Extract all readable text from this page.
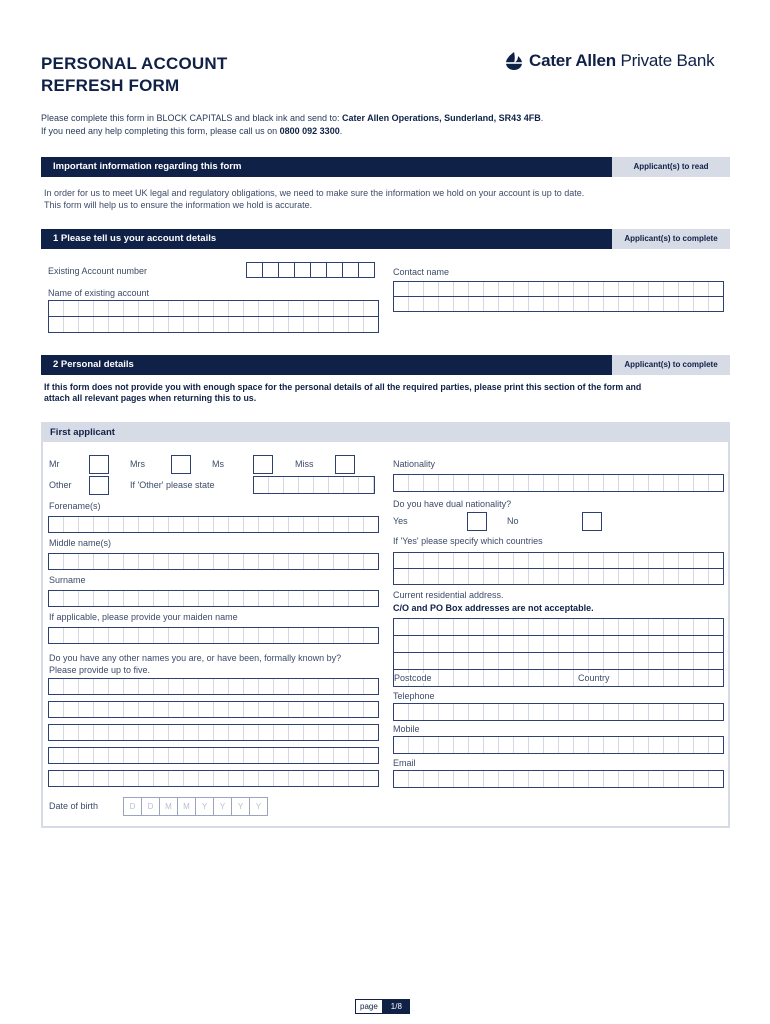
PERSONAL ACCOUNT
REFRESH FORM
Cater Allen Private Bank
Please complete this form in BLOCK CAPITALS and black ink and send to: Cater Allen Operations, Sunderland, SR43 4FB.
If you need any help completing this form, please call us on 0800 092 3300.
Important information regarding this form	Applicant(s) to read
In order for us to meet UK legal and regulatory obligations, we need to make sure the information we hold on your account is up to date.
This form will help us to ensure the information we hold is accurate.
1 Please tell us your account details	Applicant(s) to complete
Existing Account number
Name of existing account
Contact name
2 Personal details	Applicant(s) to complete
If this form does not provide you with enough space for the personal details of all the required parties, please print this section of the form and
attach all relevant pages when returning this to us.
First applicant
Mr	Mrs	Ms	Miss
Other	If 'Other' please state
Forename(s)
Middle name(s)
Surname
If applicable, please provide your maiden name
Do you have any other names you are, or have been, formally known by?
Please provide up to five.
Date of birth	D	D	M	M	Y	Y	Y	Y
Nationality
Do you have dual nationality?
Yes	No
If 'Yes' please specify which countries
Current residential address.
C/O and PO Box addresses are not acceptable.
Postcode	Country
Telephone
Mobile
Email
page	1/8
